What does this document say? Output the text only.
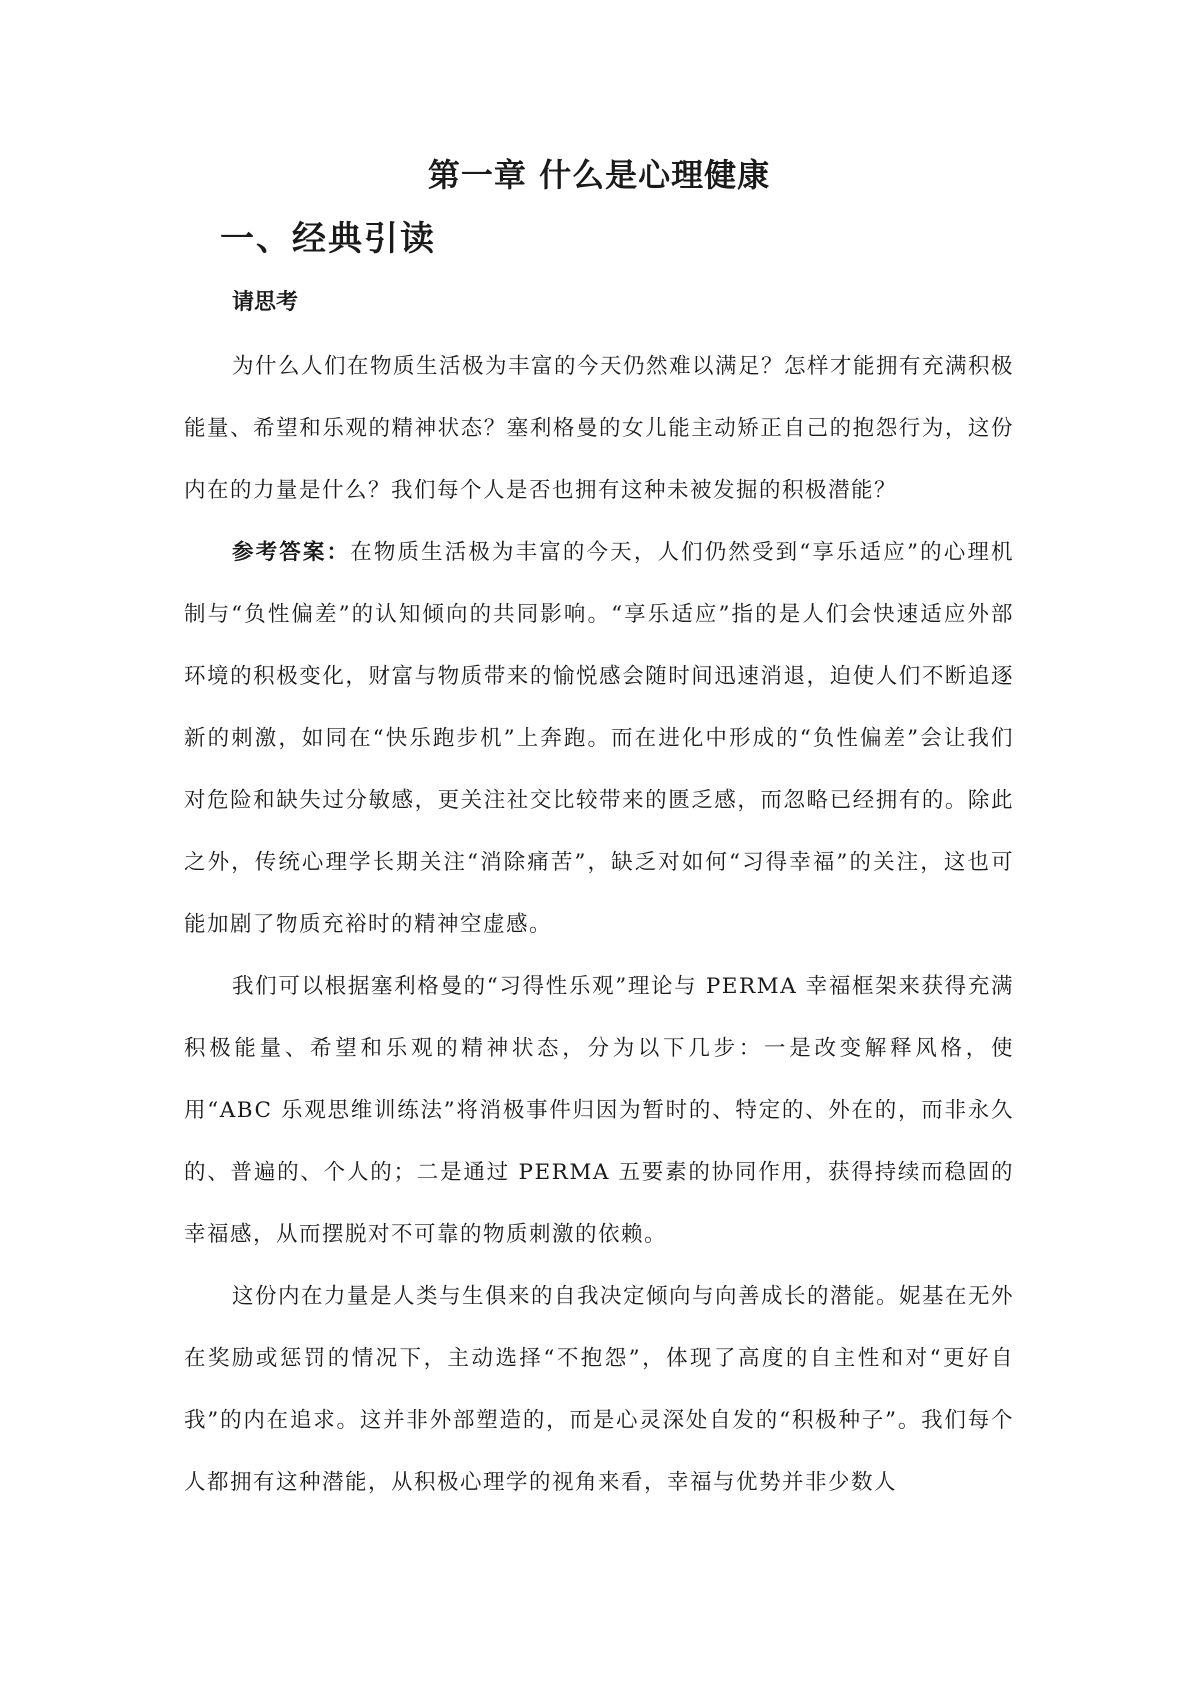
第一章 什么是心理健康
一、经典引读
请思考

为什么人们在物质生活极为丰富的今天仍然难以满足？怎样才能拥有充满积极能量、希望和乐观的精神状态？塞利格曼的女儿能主动矫正自己的抱怨行为，这份内在的力量是什么？我们每个人是否也拥有这种未被发掘的积极潜能？

参考答案：在物质生活极为丰富的今天，人们仍然受到“享乐适应”的心理机制与“负性偏差”的认知倾向的共同影响。“享乐适应”指的是人们会快速适应外部环境的积极变化，财富与物质带来的愉悦感会随时间迅速消退，迫使人们不断追逐新的刺激，如同在“快乐跑步机”上奔跑。而在进化中形成的“负性偏差”会让我们对危险和缺失过分敏感，更关注社交比较带来的匮乏感，而忽略已经拥有的。除此之外，传统心理学长期关注“消除痛苦”，缺乏对如何“习得幸福”的关注，这也可能加剧了物质充裕时的精神空虚感。

我们可以根据塞利格曼的“习得性乐观”理论与 PERMA 幸福框架来获得充满积极能量、希望和乐观的精神状态，分为以下几步：一是改变解释风格，使用“ABC 乐观思维训练法”将消极事件归因为暂时的、特定的、外在的，而非永久的、普遍的、个人的；二是通过 PERMA 五要素的协同作用，获得持续而稳固的幸福感，从而摆脱对不可靠的物质刺激的依赖。

这份内在力量是人类与生俱来的自我决定倾向与向善成长的潜能。妮基在无外在奖励或惩罚的情况下，主动选择“不抱怨”，体现了高度的自主性和对“更好自我”的内在追求。这并非外部塑造的，而是心灵深处自发的“积极种子”。我们每个人都拥有这种潜能，从积极心理学的视角来看，幸福与优势并非少数人
